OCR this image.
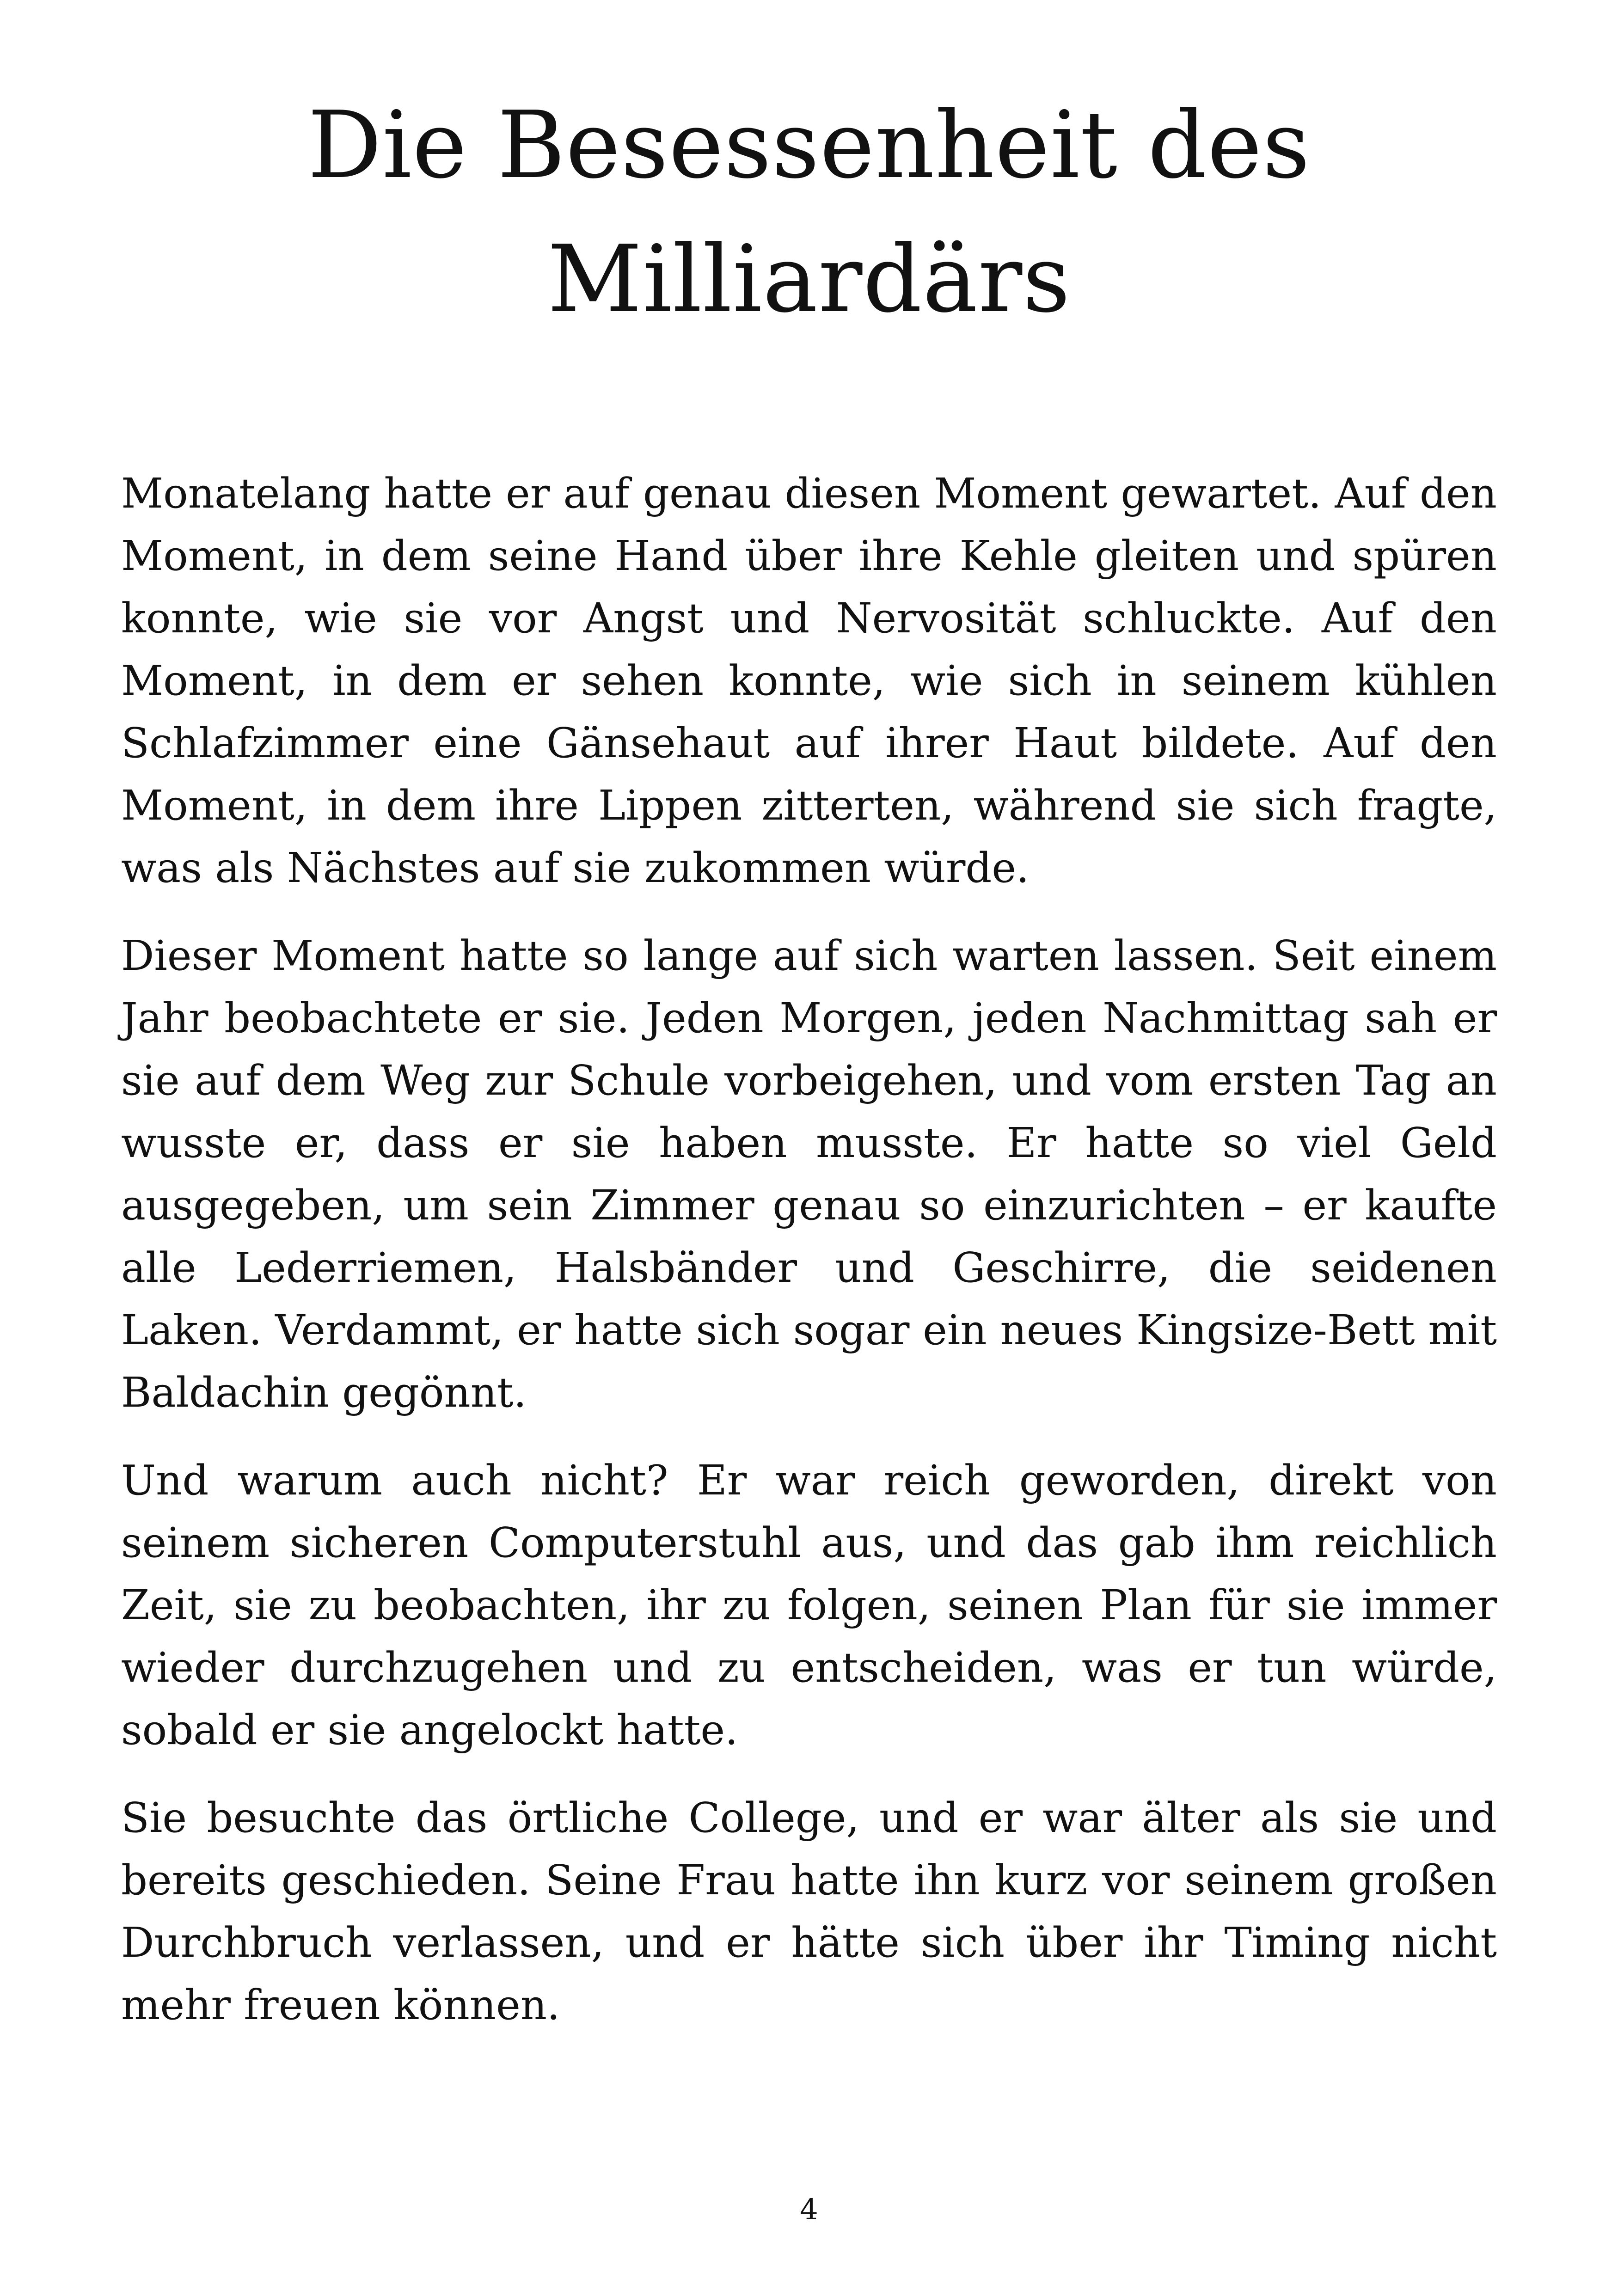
Die Besessenheit des
Milliardärs

Monatelang hatte er auf genau diesen Moment gewartet. Auf den Moment, in dem seine Hand über ihre Kehle gleiten und spüren konnte, wie sie vor Angst und Nervosität schluckte. Auf den Moment, in dem er sehen konnte, wie sich in seinem kühlen Schlafzimmer eine Gänsehaut auf ihrer Haut bildete. Auf den Moment, in dem ihre Lippen zitterten, während sie sich fragte, was als Nächstes auf sie zukommen würde.

Dieser Moment hatte so lange auf sich warten lassen. Seit einem Jahr beobachtete er sie. Jeden Morgen, jeden Nachmittag sah er sie auf dem Weg zur Schule vorbeigehen, und vom ersten Tag an wusste er, dass er sie haben musste. Er hatte so viel Geld ausgegeben, um sein Zimmer genau so einzurichten – er kaufte alle Lederriemen, Halsbänder und Geschirre, die seidenen Laken. Verdammt, er hatte sich sogar ein neues Kingsize-Bett mit Baldachin gegönnt.

Und warum auch nicht? Er war reich geworden, direkt von seinem sicheren Computerstuhl aus, und das gab ihm reichlich Zeit, sie zu beobachten, ihr zu folgen, seinen Plan für sie immer wieder durchzugehen und zu entscheiden, was er tun würde, sobald er sie angelockt hatte.

Sie besuchte das örtliche College, und er war älter als sie und bereits geschieden. Seine Frau hatte ihn kurz vor seinem großen Durchbruch verlassen, und er hätte sich über ihr Timing nicht mehr freuen können.

4
